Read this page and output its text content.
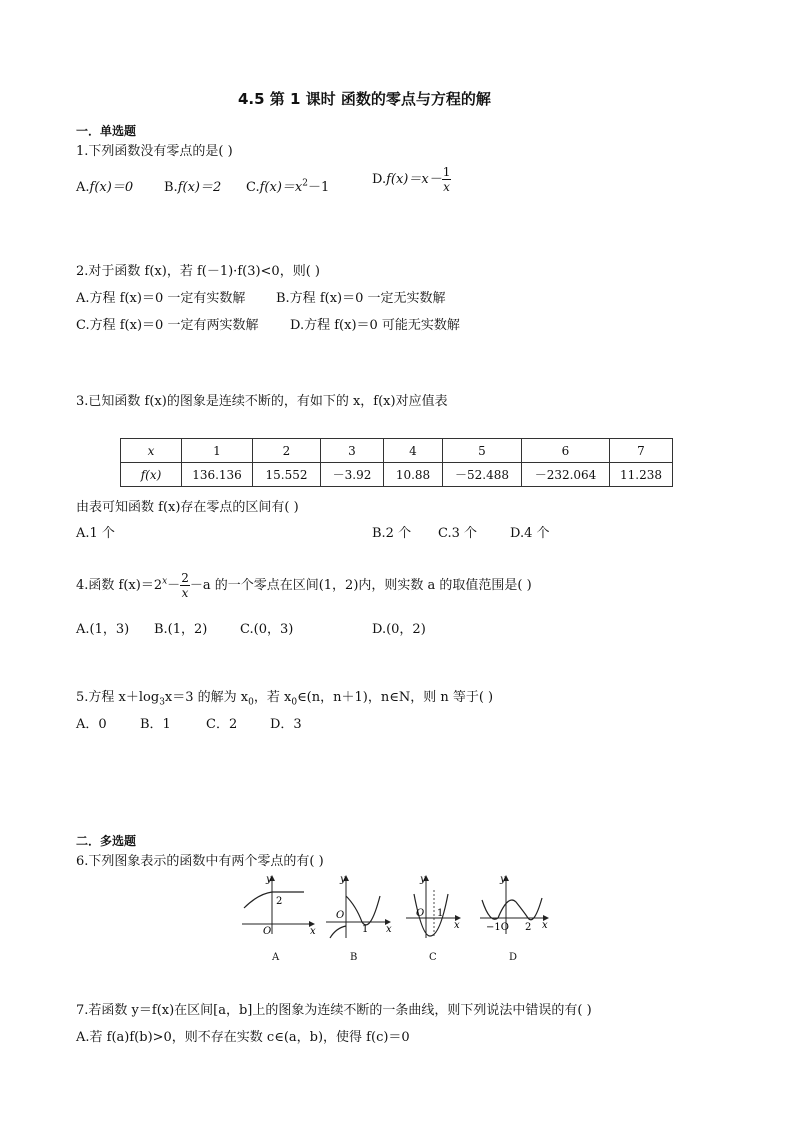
4.5 第 1 课时 函数的零点与方程的解
一．单选题
1.下列函数没有零点的是( )
A.f(x)＝0 B.f(x)＝2 $C.f(x)=x^2-1$
$D.f(x)=x- \frac{1}{x}$
2.对于函数 f(x)，若 f(－1)·f(3)<0，则( )
A.方程 f(x)＝0 一定有实数解 B.方程 f(x)＝0 一定无实数解
C.方程 f(x)＝0 一定有两实数解 D.方程 f(x)＝0 可能无实数解
3.已知函数 f(x)的图象是连续不断的，有如下的 x，f(x)对应值表
x	1	2	3	4	5	6	7
f(x)	136.136	15.552	－3.92	10.88	－52.488	－232.064	11.238
由表可知函数 f(x)存在零点的区间有( )
A.1 个	B.2 个 C.3 个	D.4 个
4.函数 $f(x)=2^x- \frac{2}{x} -a$ 的一个零点在区间(1，2)内，则实数 a 的取值范围是( )
A.(1，3) B.(1，2)	C.(0，3)	D.(0，2)
5.方程 $x+\log_3x=3$ 的解为 $x_0$，若 $x_0\in(n$，n＋1)，n∈N，则 n 等于( )
A．0	B．1	C．2	D．3
二．多选题
6.下列图象表示的函数中有两个零点的有( )
y
x
O
2
A
y
x
O
1
B
y
x
O 1
C
y
x
−1O 2
D
7.若函数 y＝f(x)在区间[a，b]上的图象为连续不断的一条曲线，则下列说法中错误的有( )
A.若 f(a)f(b)>0，则不存在实数 c∈(a，b)，使得 f(c)＝0
